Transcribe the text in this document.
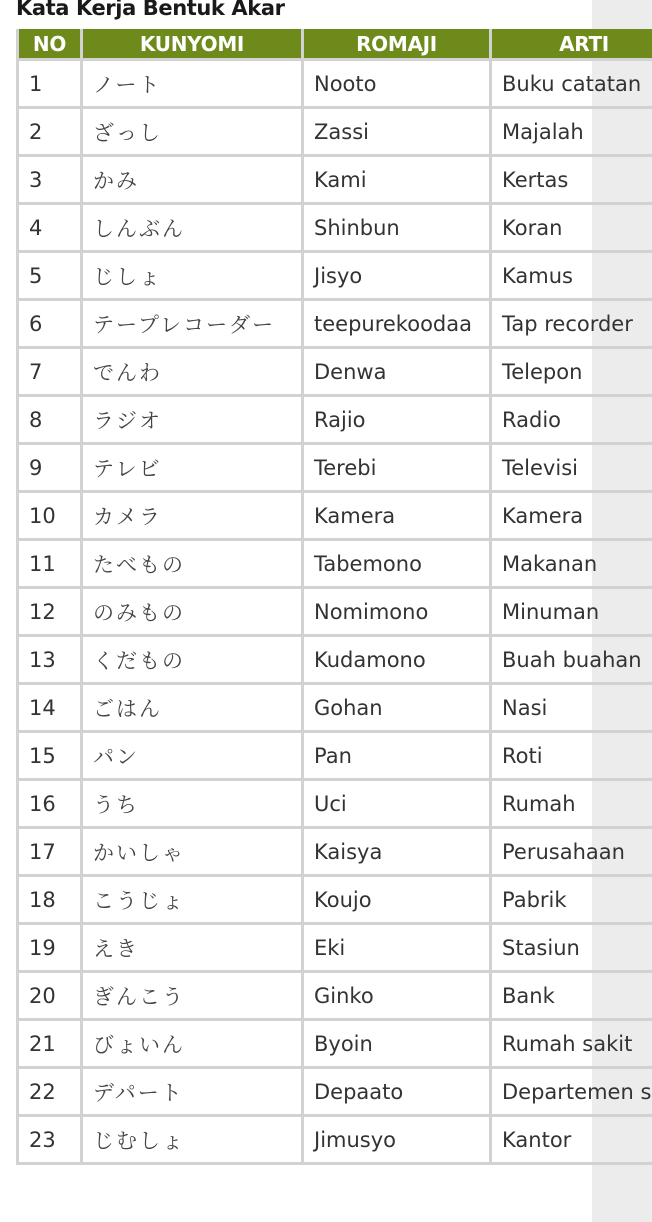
Kata Kerja Bentuk Akar
NO	KUNYOMI	ROMAJI	ARTI
1	ノート	Nooto	Buku catatan
2	ざっし	Zassi	Majalah
3	かみ	Kami	Kertas
4	しんぶん	Shinbun	Koran
5	じしょ	Jisyo	Kamus
6	テープレコーダー	teepurekoodaa	Tap recorder
7	でんわ	Denwa	Telepon
8	ラジオ	Rajio	Radio
9	テレビ	Terebi	Televisi
10	カメラ	Kamera	Kamera
11	たべもの	Tabemono	Makanan
12	のみもの	Nomimono	Minuman
13	くだもの	Kudamono	Buah buahan
14	ごはん	Gohan	Nasi
15	パン	Pan	Roti
16	うち	Uci	Rumah
17	かいしゃ	Kaisya	Perusahaan
18	こうじょ	Koujo	Pabrik
19	えき	Eki	Stasiun
20	ぎんこう	Ginko	Bank
21	びょいん	Byoin	Rumah sakit
22	デパート	Depaato	Departemen s
23	じむしょ	Jimusyo	Kantor
